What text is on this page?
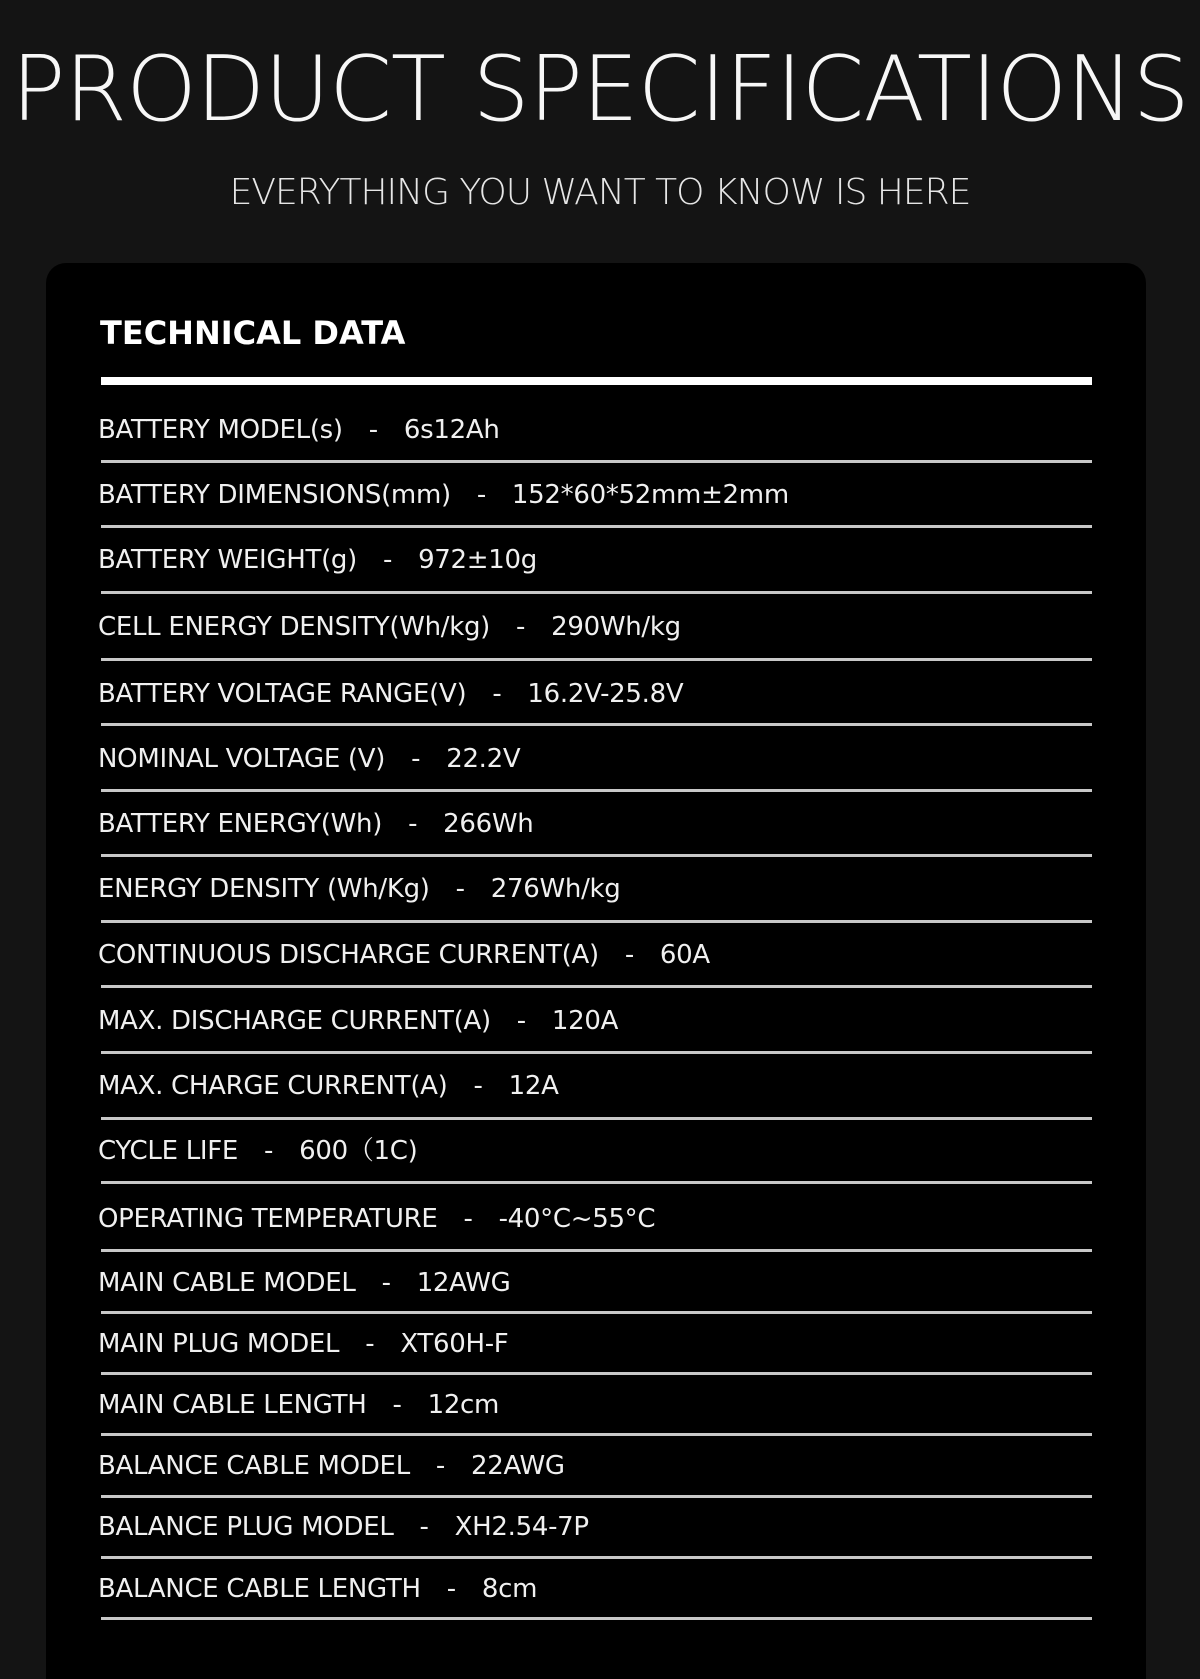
PRODUCT SPECIFICATIONS
EVERYTHING YOU WANT TO KNOW IS HERE
TECHNICAL DATA
BATTERY MODEL(s) - 6s12Ah
BATTERY DIMENSIONS(mm) - 152*60*52mm±2mm
BATTERY WEIGHT(g) - 972±10g
CELL ENERGY DENSITY(Wh/kg) - 290Wh/kg
BATTERY VOLTAGE RANGE(V) - 16.2V-25.8V
NOMINAL VOLTAGE (V) - 22.2V
BATTERY ENERGY(Wh) - 266Wh
ENERGY DENSITY (Wh/Kg) - 276Wh/kg
CONTINUOUS DISCHARGE CURRENT(A) - 60A
MAX. DISCHARGE CURRENT(A) - 120A
MAX. CHARGE CURRENT(A) - 12A
CYCLE LIFE - 600（1C)
OPERATING TEMPERATURE - -40°C~55°C
MAIN CABLE MODEL - 12AWG
MAIN PLUG MODEL - XT60H-F
MAIN CABLE LENGTH - 12cm
BALANCE CABLE MODEL - 22AWG
BALANCE PLUG MODEL - XH2.54-7P
BALANCE CABLE LENGTH - 8cm
